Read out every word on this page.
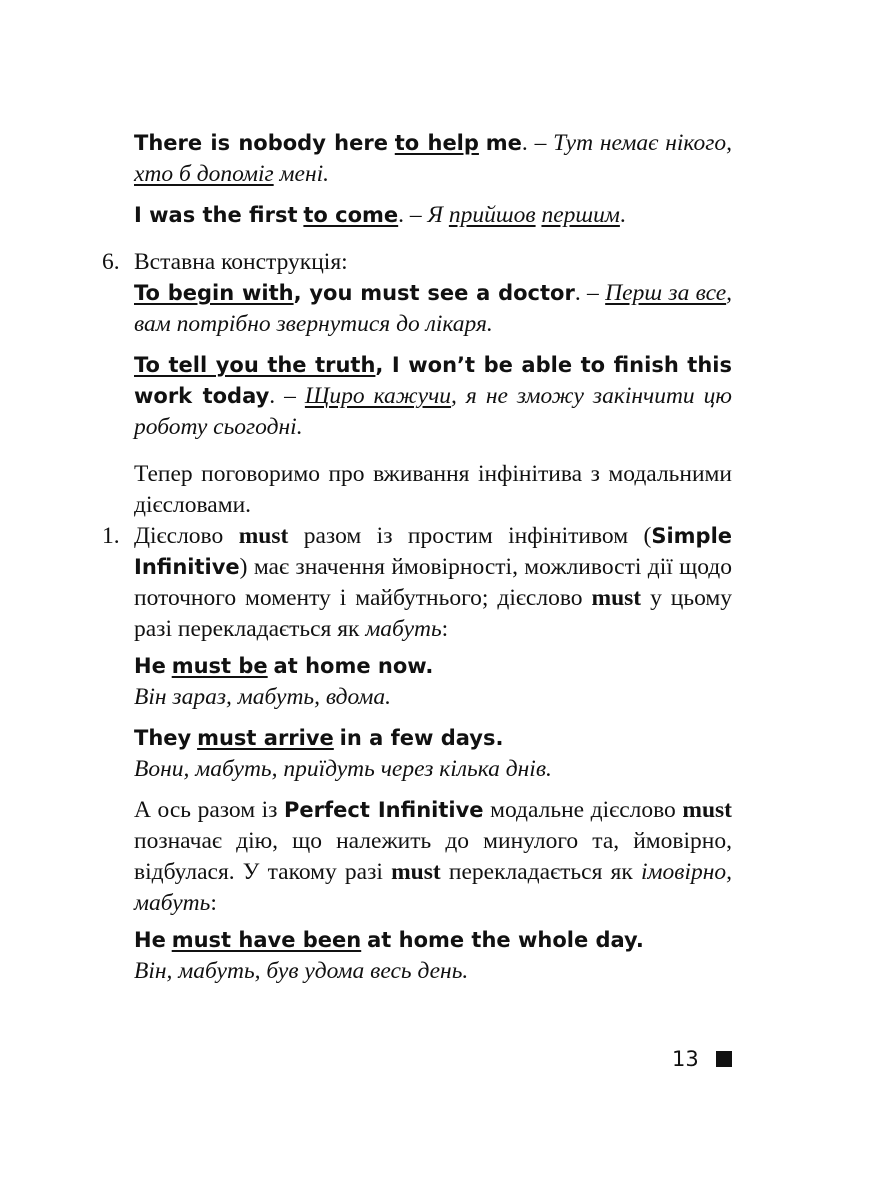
There is nobody here to help me. – Тут немає нікого, хто б допоміг мені.

I was the first to come. – Я прийшов першим.

6. Вставна конструкція:

To begin with, you must see a doctor. – Перш за все, вам потрібно звернутися до лікаря.

To tell you the truth, I won’t be able to finish this work today. – Щиро кажучи, я не зможу закінчити цю роботу сьогодні.

Тепер поговоримо про вживання інфінітива з модальними дієсловами.

1. Дієслово must разом із простим інфінітивом (Simple Infinitive) має значення ймовірності, можливості дії щодо поточного моменту і майбутнього; дієслово must у цьому разі перекладається як мабуть:

He must be at home now.

Він зараз, мабуть, вдома.

They must arrive in a few days.

Вони, мабуть, приїдуть через кілька днів.

А ось разом із Perfect Infinitive модальне дієслово must позначає дію, що належить до минулого та, ймовірно, відбулася. У такому разі must перекладається як імовірно, мабуть:

He must have been at home the whole day.

Він, мабуть, був удома весь день.

13
